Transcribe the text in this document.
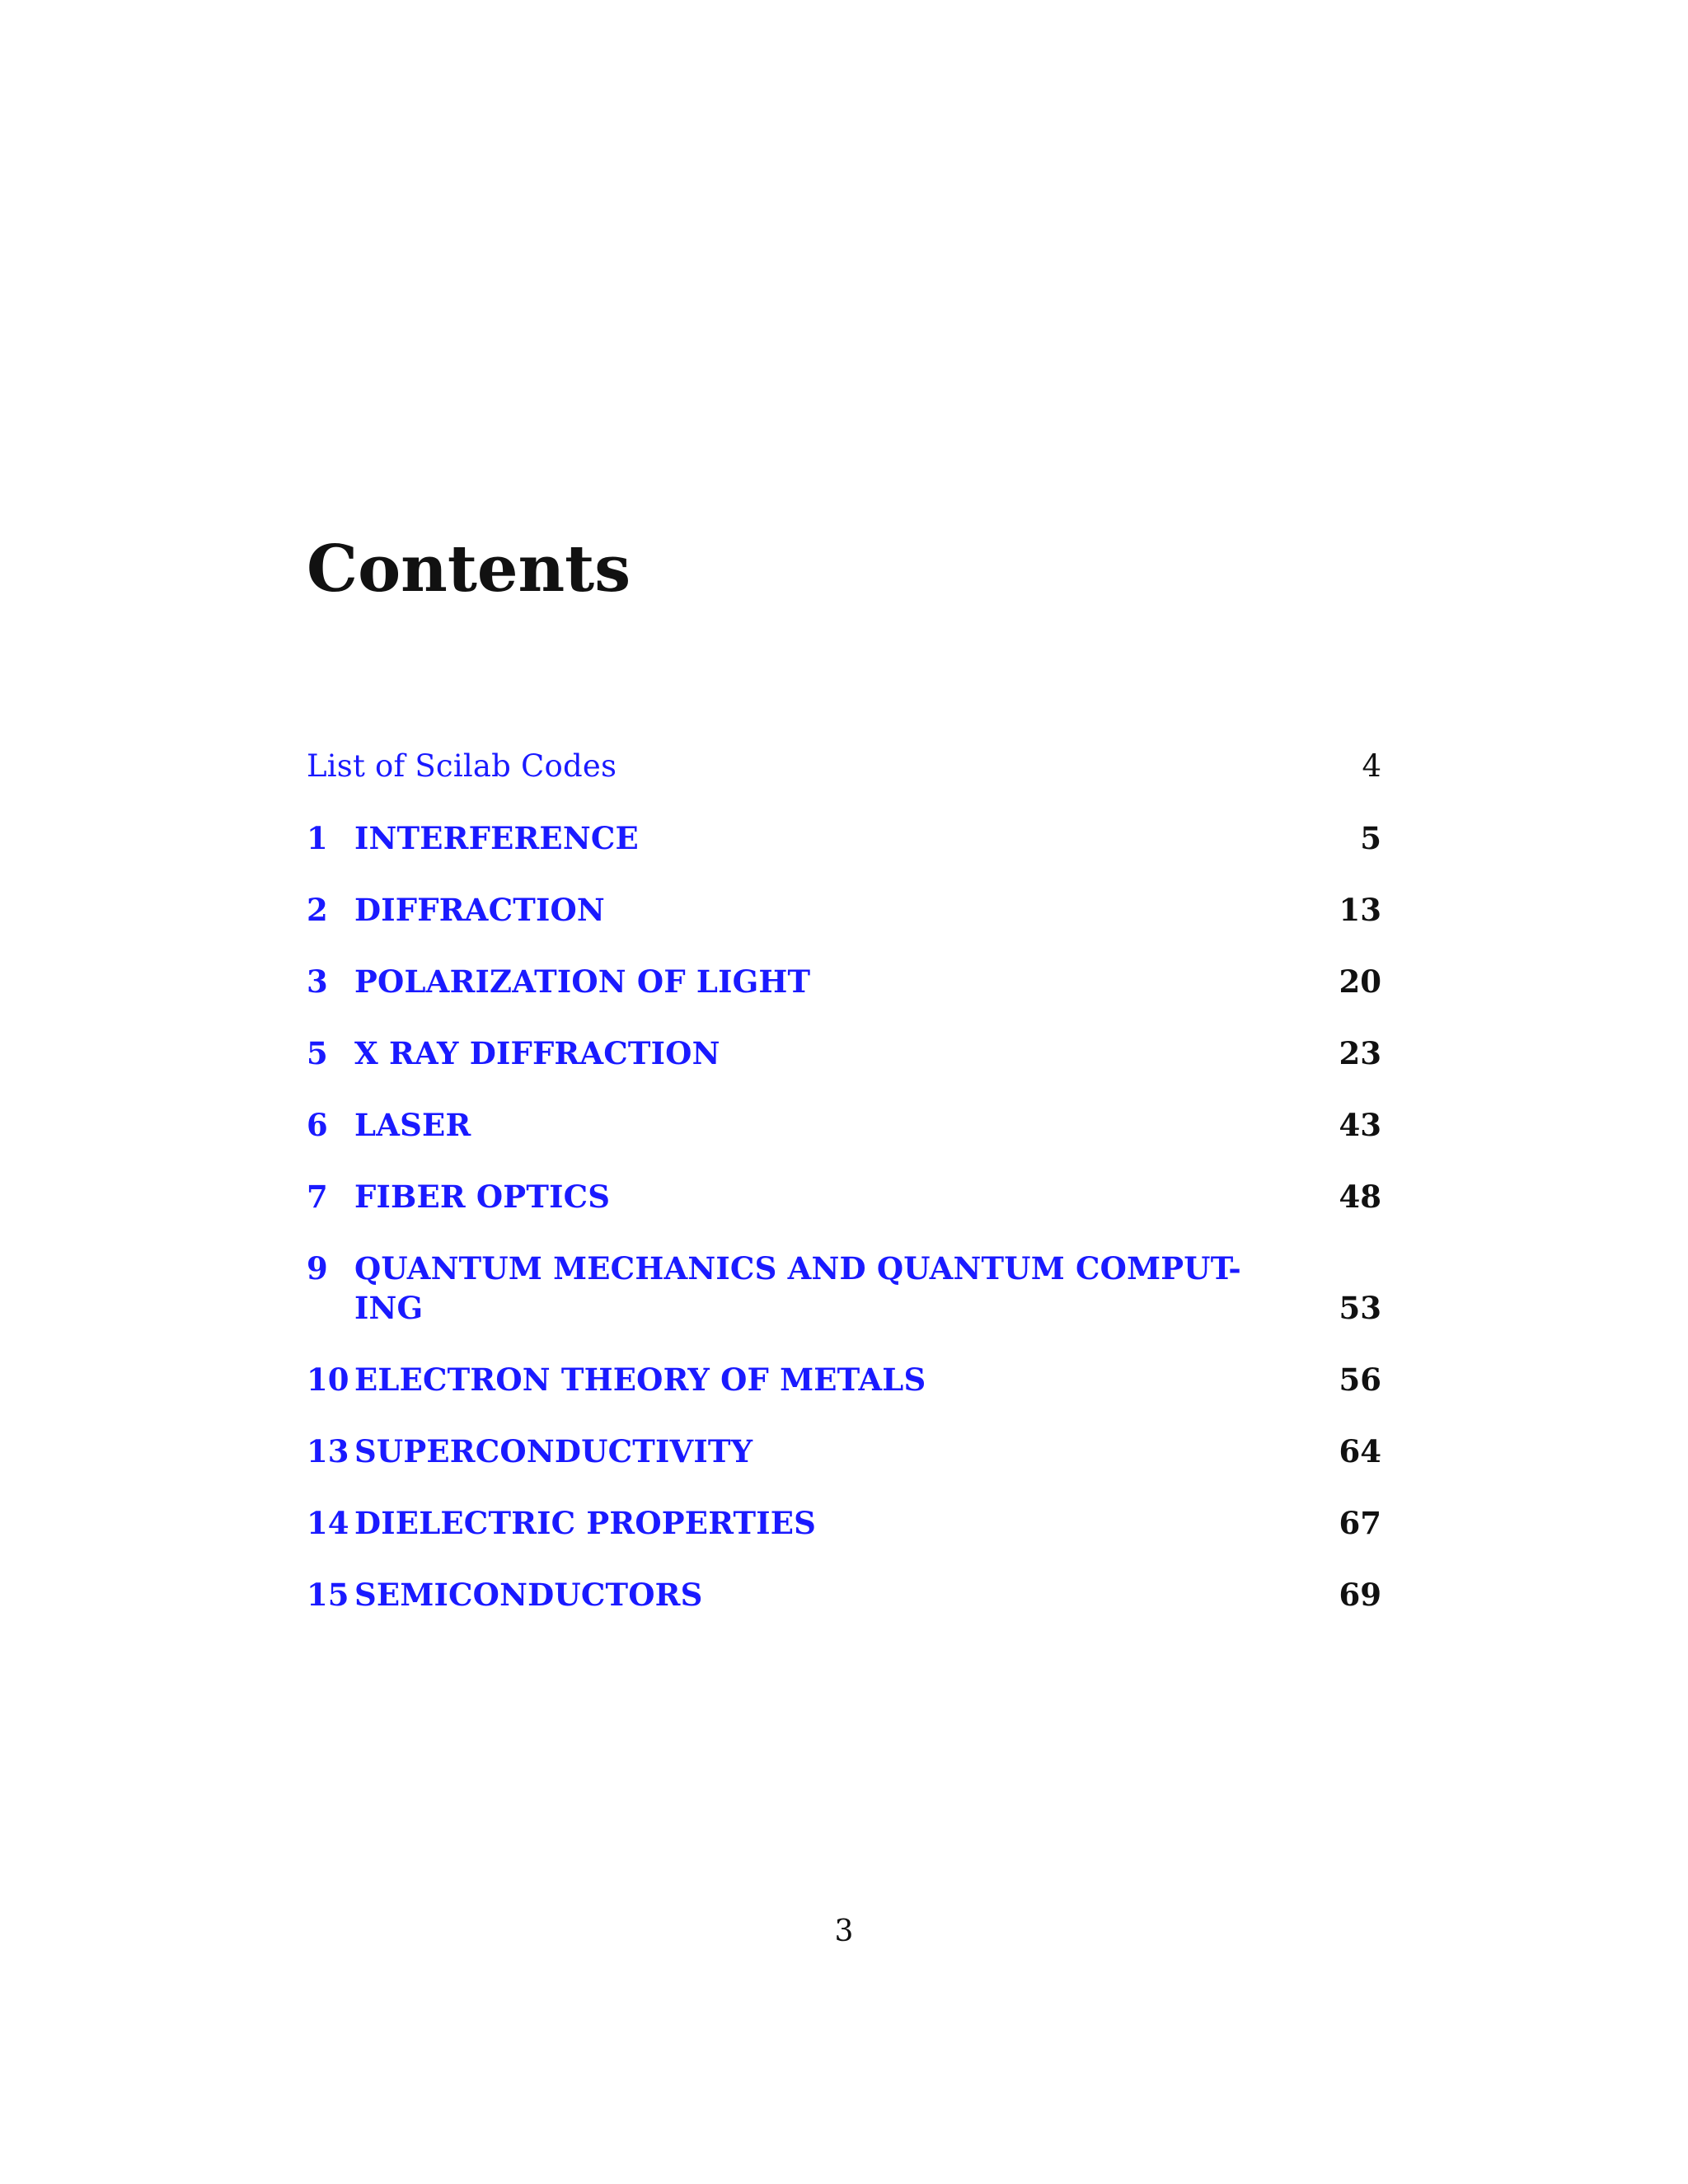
Contents
List of Scilab Codes	4
1 INTERFERENCE	5
2 DIFFRACTION	13
3 POLARIZATION OF LIGHT	20
5 X RAY DIFFRACTION	23
6 LASER	43
7 FIBER OPTICS	48
9 QUANTUM MECHANICS AND QUANTUM COMPUT-
ING	53
10 ELECTRON THEORY OF METALS	56
13 SUPERCONDUCTIVITY	64
14 DIELECTRIC PROPERTIES	67
15 SEMICONDUCTORS	69
3
